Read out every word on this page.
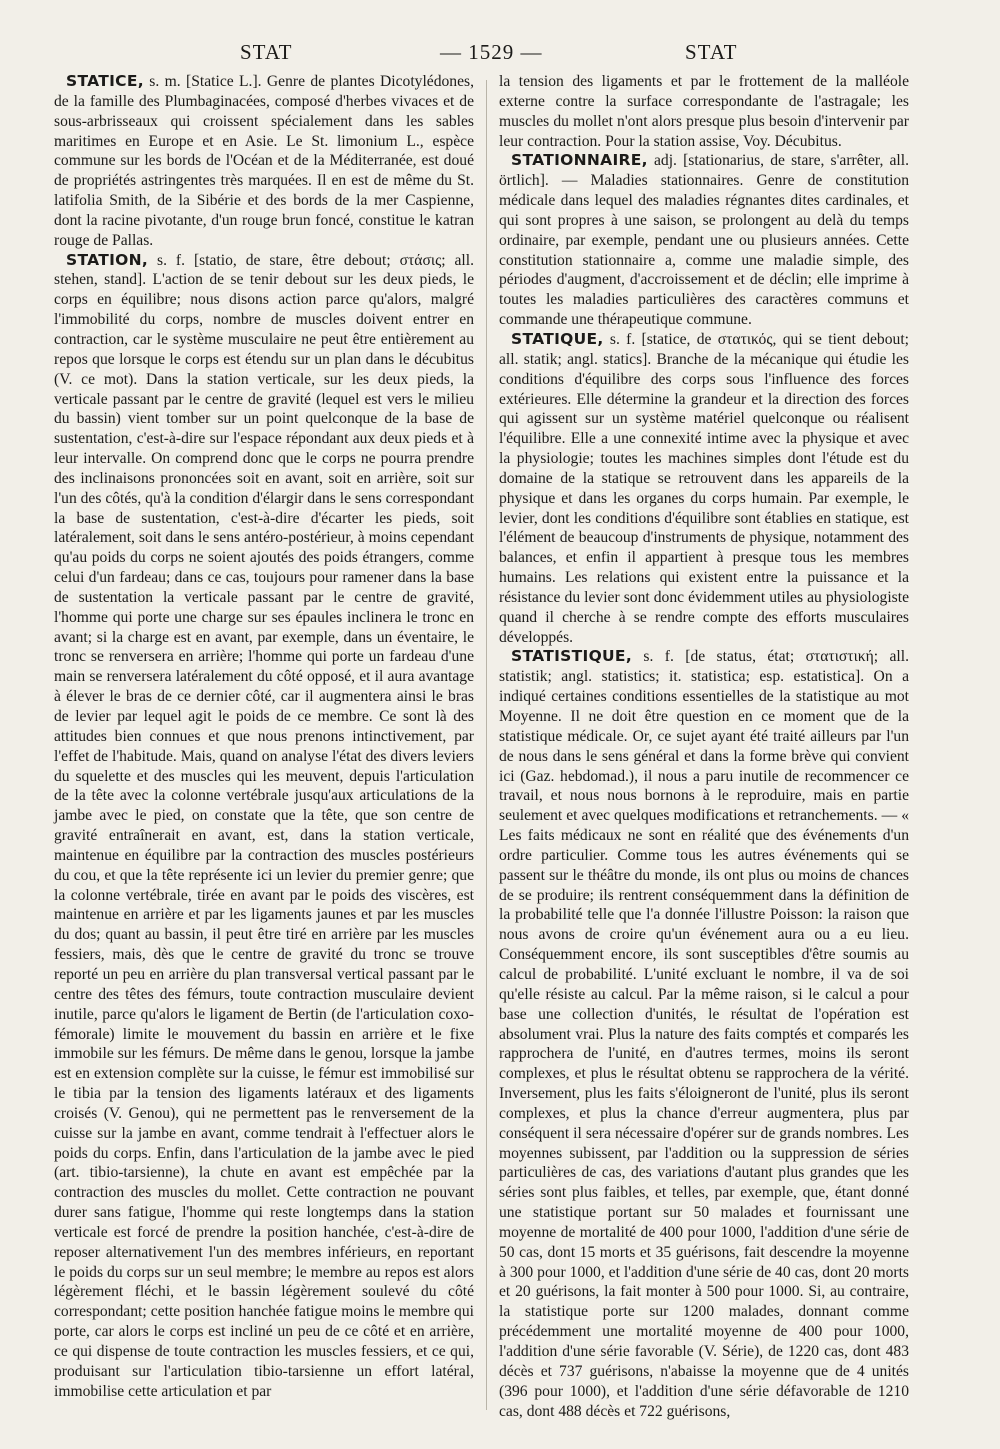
STAT	— 1529 —	STAT

STATICE, s. m. [Statice L.]. Genre de plantes Dicotylédones, de la famille des Plumbaginacées, composé d'herbes vivaces et de sous-arbrisseaux qui croissent spécialement dans les sables maritimes en Europe et en Asie. Le St. limonium L., espèce commune sur les bords de l'Océan et de la Méditerranée, est doué de propriétés astringentes très marquées. Il en est de même du St. latifolia Smith, de la Sibérie et des bords de la mer Caspienne, dont la racine pivotante, d'un rouge brun foncé, constitue le katran rouge de Pallas.

STATION, s. f. [statio, de stare, être debout; στάσις; all. stehen, stand]. L'action de se tenir debout sur les deux pieds, le corps en équilibre; nous disons action parce qu'alors, malgré l'immobilité du corps, nombre de muscles doivent entrer en contraction, car le système musculaire ne peut être entièrement au repos que lorsque le corps est étendu sur un plan dans le décubitus (V. ce mot). Dans la station verticale, sur les deux pieds, la verticale passant par le centre de gravité (lequel est vers le milieu du bassin) vient tomber sur un point quelconque de la base de sustentation, c'est-à-dire sur l'espace répondant aux deux pieds et à leur intervalle. On comprend donc que le corps ne pourra prendre des inclinaisons prononcées soit en avant, soit en arrière, soit sur l'un des côtés, qu'à la condition d'élargir dans le sens correspondant la base de sustentation, c'est-à-dire d'écarter les pieds, soit latéralement, soit dans le sens antéro-postérieur, à moins cependant qu'au poids du corps ne soient ajoutés des poids étrangers, comme celui d'un fardeau; dans ce cas, toujours pour ramener dans la base de sustentation la verticale passant par le centre de gravité, l'homme qui porte une charge sur ses épaules inclinera le tronc en avant; si la charge est en avant, par exemple, dans un éventaire, le tronc se renversera en arrière; l'homme qui porte un fardeau d'une main se renversera latéralement du côté opposé, et il aura avantage à élever le bras de ce dernier côté, car il augmentera ainsi le bras de levier par lequel agit le poids de ce membre. Ce sont là des attitudes bien connues et que nous prenons intinctivement, par l'effet de l'habitude. Mais, quand on analyse l'état des divers leviers du squelette et des muscles qui les meuvent, depuis l'articulation de la tête avec la colonne vertébrale jusqu'aux articulations de la jambe avec le pied, on constate que la tête, que son centre de gravité entraînerait en avant, est, dans la station verticale, maintenue en équilibre par la contraction des muscles postérieurs du cou, et que la tête représente ici un levier du premier genre; que la colonne vertébrale, tirée en avant par le poids des viscères, est maintenue en arrière et par les ligaments jaunes et par les muscles du dos; quant au bassin, il peut être tiré en arrière par les muscles fessiers, mais, dès que le centre de gravité du tronc se trouve reporté un peu en arrière du plan transversal vertical passant par le centre des têtes des fémurs, toute contraction musculaire devient inutile, parce qu'alors le ligament de Bertin (de l'articulation coxo-fémorale) limite le mouvement du bassin en arrière et le fixe immobile sur les fémurs. De même dans le genou, lorsque la jambe est en extension complète sur la cuisse, le fémur est immobilisé sur le tibia par la tension des ligaments latéraux et des ligaments croisés (V. Genou), qui ne permettent pas le renversement de la cuisse sur la jambe en avant, comme tendrait à l'effectuer alors le poids du corps. Enfin, dans l'articulation de la jambe avec le pied (art. tibio-tarsienne), la chute en avant est empêchée par la contraction des muscles du mollet. Cette contraction ne pouvant durer sans fatigue, l'homme qui reste longtemps dans la station verticale est forcé de prendre la position hanchée, c'est-à-dire de reposer alternativement l'un des membres inférieurs, en reportant le poids du corps sur un seul membre; le membre au repos est alors légèrement fléchi, et le bassin légèrement soulevé du côté correspondant; cette position hanchée fatigue moins le membre qui porte, car alors le corps est incliné un peu de ce côté et en arrière, ce qui dispense de toute contraction les muscles fessiers, et ce qui, produisant sur l'articulation tibio-tarsienne un effort latéral, immobilise cette articulation et par

la tension des ligaments et par le frottement de la malléole externe contre la surface correspondante de l'astragale; les muscles du mollet n'ont alors presque plus besoin d'intervenir par leur contraction. Pour la station assise, Voy. Décubitus.

STATIONNAIRE, adj. [stationarius, de stare, s'arrêter, all. örtlich]. — Maladies stationnaires. Genre de constitution médicale dans lequel des maladies régnantes dites cardinales, et qui sont propres à une saison, se prolongent au delà du temps ordinaire, par exemple, pendant une ou plusieurs années. Cette constitution stationnaire a, comme une maladie simple, des périodes d'augment, d'accroissement et de déclin; elle imprime à toutes les maladies particulières des caractères communs et commande une thérapeutique commune.

STATIQUE, s. f. [statice, de στατικός, qui se tient debout; all. statik; angl. statics]. Branche de la mécanique qui étudie les conditions d'équilibre des corps sous l'influence des forces extérieures. Elle détermine la grandeur et la direction des forces qui agissent sur un système matériel quelconque ou réalisent l'équilibre. Elle a une connexité intime avec la physique et avec la physiologie; toutes les machines simples dont l'étude est du domaine de la statique se retrouvent dans les appareils de la physique et dans les organes du corps humain. Par exemple, le levier, dont les conditions d'équilibre sont établies en statique, est l'élément de beaucoup d'instruments de physique, notamment des balances, et enfin il appartient à presque tous les membres humains. Les relations qui existent entre la puissance et la résistance du levier sont donc évidemment utiles au physiologiste quand il cherche à se rendre compte des efforts musculaires développés.

STATISTIQUE, s. f. [de status, état; στατιστική; all. statistik; angl. statistics; it. statistica; esp. estatistica]. On a indiqué certaines conditions essentielles de la statistique au mot Moyenne. Il ne doit être question en ce moment que de la statistique médicale. Or, ce sujet ayant été traité ailleurs par l'un de nous dans le sens général et dans la forme brève qui convient ici (Gaz. hebdomad.), il nous a paru inutile de recommencer ce travail, et nous nous bornons à le reproduire, mais en partie seulement et avec quelques modifications et retranchements. — « Les faits médicaux ne sont en réalité que des événements d'un ordre particulier. Comme tous les autres événements qui se passent sur le théâtre du monde, ils ont plus ou moins de chances de se produire; ils rentrent conséquemment dans la définition de la probabilité telle que l'a donnée l'illustre Poisson: la raison que nous avons de croire qu'un événement aura ou a eu lieu. Conséquemment encore, ils sont susceptibles d'être soumis au calcul de probabilité. L'unité excluant le nombre, il va de soi qu'elle résiste au calcul. Par la même raison, si le calcul a pour base une collection d'unités, le résultat de l'opération est absolument vrai. Plus la nature des faits comptés et comparés les rapprochera de l'unité, en d'autres termes, moins ils seront complexes, et plus le résultat obtenu se rapprochera de la vérité. Inversement, plus les faits s'éloigneront de l'unité, plus ils seront complexes, et plus la chance d'erreur augmentera, plus par conséquent il sera nécessaire d'opérer sur de grands nombres. Les moyennes subissent, par l'addition ou la suppression de séries particulières de cas, des variations d'autant plus grandes que les séries sont plus faibles, et telles, par exemple, que, étant donné une statistique portant sur 50 malades et fournissant une moyenne de mortalité de 400 pour 1000, l'addition d'une série de 50 cas, dont 15 morts et 35 guérisons, fait descendre la moyenne à 300 pour 1000, et l'addition d'une série de 40 cas, dont 20 morts et 20 guérisons, la fait monter à 500 pour 1000. Si, au contraire, la statistique porte sur 1200 malades, donnant comme précédemment une mortalité moyenne de 400 pour 1000, l'addition d'une série favorable (V. Série), de 1220 cas, dont 483 décès et 737 guérisons, n'abaisse la moyenne que de 4 unités (396 pour 1000), et l'addition d'une série défavorable de 1210 cas, dont 488 décès et 722 guérisons,
